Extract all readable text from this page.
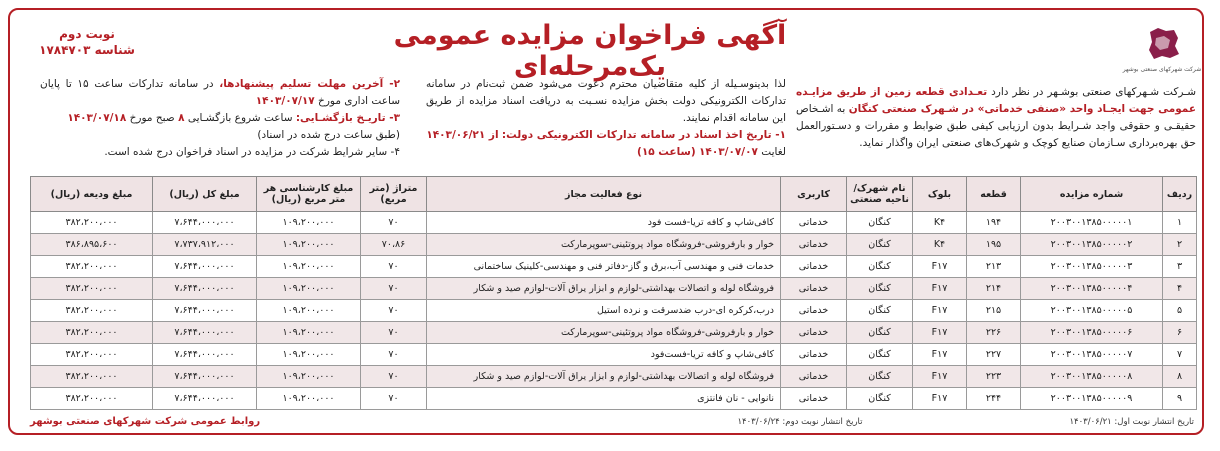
شرکت شهرکهای صنعتی بوشهر
آگهی فراخوان مزایده عمومی یک‌مرحله‌ای
نوبت دوم
شناسه ۱۷۸۴۷۰۳
شـرکت شـهرکهای صنعتی بوشـهر در نظر دارد تعـدادی قطعه زمین از طریق مزایـده عمومی جهت ایجـاد واحد «صنفی خدماتی» در شـهرک صنعتی کنگان به اشـخاص حقیقـی و حقوقی واجد شـرایط بدون ارزیابی کیفی طبق ضوابط و مقررات و دسـتورالعمل حق بهره‌برداری سـازمان صنایع کوچک و شهرک‌های صنعتی ایران واگذار نماید.
لذا بدینوسـیله از کلیه متقاضیان محترم دعوت می‌شود ضمن ثبت‌نام در سامانه تدارکات الکترونیکی دولت بخش مزایده نسـبت به دریافت اسناد مزایده از طریق این سامانه اقدام نمایند.
۱- تاریخ اخذ اسناد در سامانه تدارکات الکترونیکی دولت: از ۱۴۰۳/۰۶/۲۱
لغایت ۱۴۰۳/۰۷/۰۷ (ساعت ۱۵)
۲- آخرین مهلت تسلیم پیشنهادها، در سامانه تدارکات ساعت ۱۵ تا پایان ساعت اداری مورخ ۱۴۰۳/۰۷/۱۷
۳- تاریـخ بازگشـایی: ساعت شروع بازگشـایی ۸ صبح مورخ ۱۴۰۳/۰۷/۱۸
(طبق ساعت درج شده در اسناد)
۴- سایر شرایط شرکت در مزایده در اسناد فراخوان درج شده است.
ردیف	شماره مزایده	قطعه	بلوک	نام شهرک/ناحیه صنعتی	کاربری	نوع فعالیت مجاز	متراژ (متر مربع)	مبلغ کارشناسی هر متر مربع (ریال)	مبلغ کل (ریال)	مبلغ ودیعه (ریال)
۱	۲۰۰۳۰۰۱۳۸۵۰۰۰۰۰۱	۱۹۴	K۴	کنگان	خدماتی	کافی‌شاپ و کافه تریا-فست فود	۷۰	۱۰۹،۲۰۰،۰۰۰	۷،۶۴۴،۰۰۰،۰۰۰	۳۸۲،۲۰۰،۰۰۰
۲	۲۰۰۳۰۰۱۳۸۵۰۰۰۰۰۲	۱۹۵	K۴	کنگان	خدماتی	خوار و بارفروشی-فروشگاه مواد پروتئینی-سوپرمارکت	۷۰،۸۶	۱۰۹،۲۰۰،۰۰۰	۷،۷۳۷،۹۱۲،۰۰۰	۳۸۶،۸۹۵،۶۰۰
۳	۲۰۰۳۰۰۱۳۸۵۰۰۰۰۰۳	۲۱۳	F۱۷	کنگان	خدماتی	خدمات فنی و مهندسی آب،برق و گاز-دفاتر فنی و مهندسی-کلینیک ساختمانی	۷۰	۱۰۹،۲۰۰،۰۰۰	۷،۶۴۴،۰۰۰،۰۰۰	۳۸۲،۲۰۰،۰۰۰
۴	۲۰۰۳۰۰۱۳۸۵۰۰۰۰۰۴	۲۱۴	F۱۷	کنگان	خدماتی	فروشگاه لوله و اتصالات بهداشتی-لوازم و ابزار یراق آلات-لوازم صید و شکار	۷۰	۱۰۹،۲۰۰،۰۰۰	۷،۶۴۴،۰۰۰،۰۰۰	۳۸۲،۲۰۰،۰۰۰
۵	۲۰۰۳۰۰۱۳۸۵۰۰۰۰۰۵	۲۱۵	F۱۷	کنگان	خدماتی	درب،کرکره ای-درب ضدسرقت و نرده استیل	۷۰	۱۰۹،۲۰۰،۰۰۰	۷،۶۴۴،۰۰۰،۰۰۰	۳۸۲،۲۰۰،۰۰۰
۶	۲۰۰۳۰۰۱۳۸۵۰۰۰۰۰۶	۲۲۶	F۱۷	کنگان	خدماتی	خوار و بارفروشی-فروشگاه مواد پروتئینی-سوپرمارکت	۷۰	۱۰۹،۲۰۰،۰۰۰	۷،۶۴۴،۰۰۰،۰۰۰	۳۸۲،۲۰۰،۰۰۰
۷	۲۰۰۳۰۰۱۳۸۵۰۰۰۰۰۷	۲۲۷	F۱۷	کنگان	خدماتی	کافی‌شاپ و کافه تریا-فست‌فود	۷۰	۱۰۹،۲۰۰،۰۰۰	۷،۶۴۴،۰۰۰،۰۰۰	۳۸۲،۲۰۰،۰۰۰
۸	۲۰۰۳۰۰۱۳۸۵۰۰۰۰۰۸	۲۲۳	F۱۷	کنگان	خدماتی	فروشگاه لوله و اتصالات بهداشتی-لوازم و ابزار یراق آلات-لوازم صید و شکار	۷۰	۱۰۹،۲۰۰،۰۰۰	۷،۶۴۴،۰۰۰،۰۰۰	۳۸۲،۲۰۰،۰۰۰
۹	۲۰۰۳۰۰۱۳۸۵۰۰۰۰۰۹	۲۴۴	F۱۷	کنگان	خدماتی	نانوایی - نان فانتزی	۷۰	۱۰۹،۲۰۰،۰۰۰	۷،۶۴۴،۰۰۰،۰۰۰	۳۸۲،۲۰۰،۰۰۰
تاریخ انتشار نوبت اول: ۱۴۰۳/۰۶/۲۱
تاریخ انتشار نوبت دوم: ۱۴۰۳/۰۶/۲۴
روابط عمومی شرکت شهرکهای صنعتی بوشهر
